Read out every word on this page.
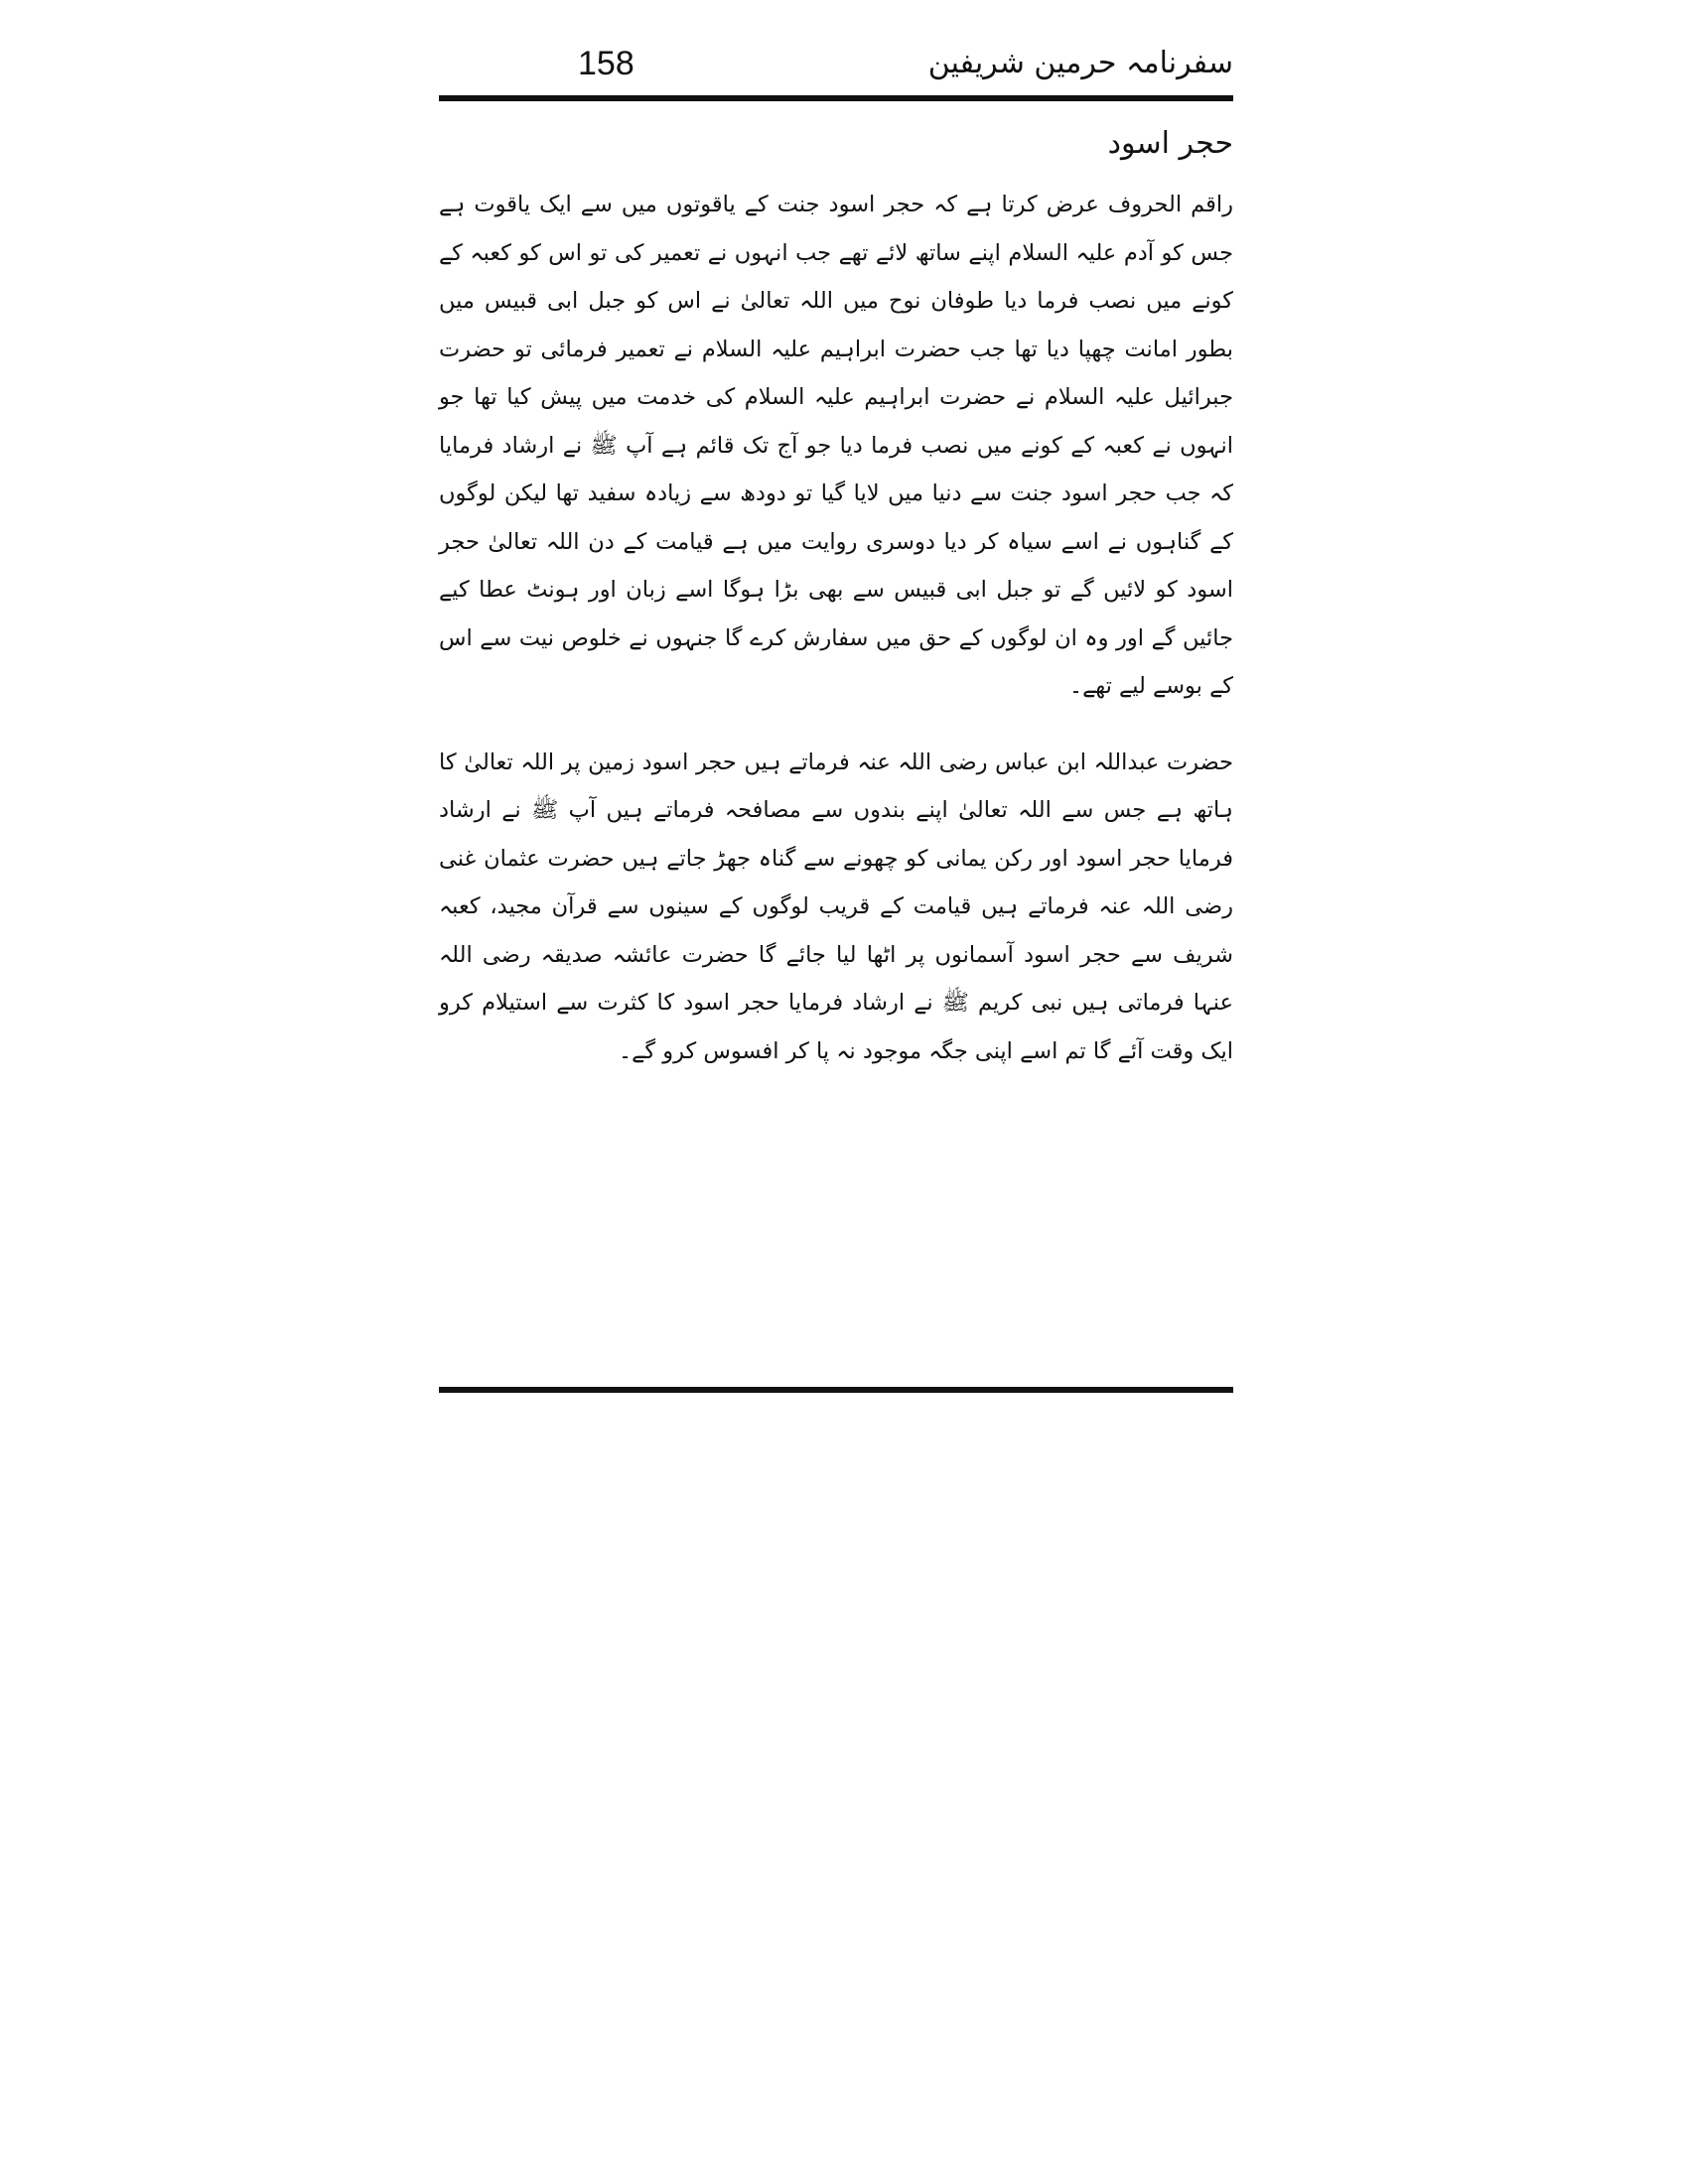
158	سفرنامہ حرمین شریفین
حجر اسود

راقم الحروف عرض کرتا ہے کہ حجر اسود جنت کے یاقوتوں میں سے ایک یاقوت ہے جس کو آدم علیہ السلام اپنے ساتھ لائے تھے جب انہوں نے تعمیر کی تو اس کو کعبہ کے کونے میں نصب فرما دیا طوفان نوح میں اللہ تعالیٰ نے اس کو جبل ابی قبیس میں بطور امانت چھپا دیا تھا جب حضرت ابراہیم علیہ السلام نے تعمیر فرمائی تو حضرت جبرائیل علیہ السلام نے حضرت ابراہیم علیہ السلام کی خدمت میں پیش کیا تھا جو انہوں نے کعبہ کے کونے میں نصب فرما دیا جو آج تک قائم ہے آپ ﷺ نے ارشاد فرمایا کہ جب حجر اسود جنت سے دنیا میں لایا گیا تو دودھ سے زیادہ سفید تھا لیکن لوگوں کے گناہوں نے اسے سیاہ کر دیا دوسری روایت میں ہے قیامت کے دن اللہ تعالیٰ حجر اسود کو لائیں گے تو جبل ابی قبیس سے بھی بڑا ہوگا اسے زبان اور ہونٹ عطا کیے جائیں گے اور وہ ان لوگوں کے حق میں سفارش کرے گا جنہوں نے خلوص نیت سے اس کے بوسے لیے تھے۔

حضرت عبداللہ ابن عباس رضی اللہ عنہ فرماتے ہیں حجر اسود زمین پر اللہ تعالیٰ کا ہاتھ ہے جس سے اللہ تعالیٰ اپنے بندوں سے مصافحہ فرماتے ہیں آپ ﷺ نے ارشاد فرمایا حجر اسود اور رکن یمانی کو چھونے سے گناہ جھڑ جاتے ہیں حضرت عثمان غنی رضی اللہ عنہ فرماتے ہیں قیامت کے قریب لوگوں کے سینوں سے قرآن مجید، کعبہ شریف سے حجر اسود آسمانوں پر اٹھا لیا جائے گا حضرت عائشہ صدیقہ رضی اللہ عنہا فرماتی ہیں نبی کریم ﷺ نے ارشاد فرمایا حجر اسود کا کثرت سے استیلام کرو ایک وقت آئے گا تم اسے اپنی جگہ موجود نہ پا کر افسوس کرو گے۔
